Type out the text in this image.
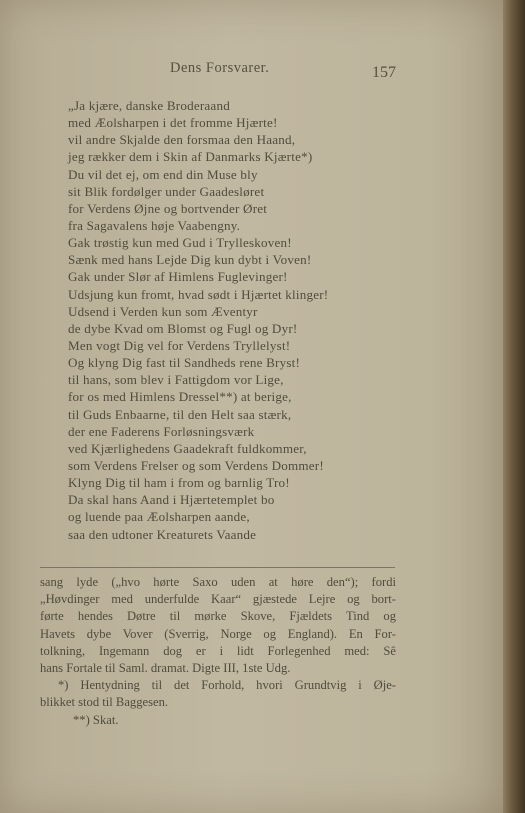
Dens Forsvarer.	157
„Ja kjære, danske Broderaand
med Æolsharpen i det fromme Hjærte!
vil andre Skjalde den forsmaa den Haand,
jeg rækker dem i Skin af Danmarks Kjærte*)
Du vil det ej, om end din Muse bly
sit Blik fordølger under Gaadesløret
for Verdens Øjne og bortvender Øret
fra Sagavalens høje Vaabengny.
Gak trøstig kun med Gud i Trylleskoven!
Sænk med hans Lejde Dig kun dybt i Voven!
Gak under Slør af Himlens Fuglevinger!
Udsjung kun fromt, hvad sødt i Hjærtet klinger!
Udsend i Verden kun som Æventyr
de dybe Kvad om Blomst og Fugl og Dyr!
Men vogt Dig vel for Verdens Tryllelyst!
Og klyng Dig fast til Sandheds rene Bryst!
til hans, som blev i Fattigdom vor Lige,
for os med Himlens Dressel**) at berige,
til Guds Enbaarne, til den Helt saa stærk,
der ene Faderens Forløsningsværk
ved Kjærlighedens Gaadekraft fuldkommer,
som Verdens Frelser og som Verdens Dommer!
Klyng Dig til ham i from og barnlig Tro!
Da skal hans Aand i Hjærtetemplet bo
og luende paa Æolsharpen aande,
saa den udtoner Kreaturets Vaande
sang lyde („hvo hørte Saxo uden at høre den“); fordi
„Høvdinger med underfulde Kaar“ gjæstede Lejre og bort-
førte hendes Døtre til mørke Skove, Fjældets Tind og
Havets dybe Vover (Sverrig, Norge og England). En For-
tolkning, Ingemann dog er i lidt Forlegenhed med: Sê
hans Fortale til Saml. dramat. Digte III, 1ste Udg.
*) Hentydning til det Forhold, hvori Grundtvig i Øje-
blikket stod til Baggesen.
**) Skat.
